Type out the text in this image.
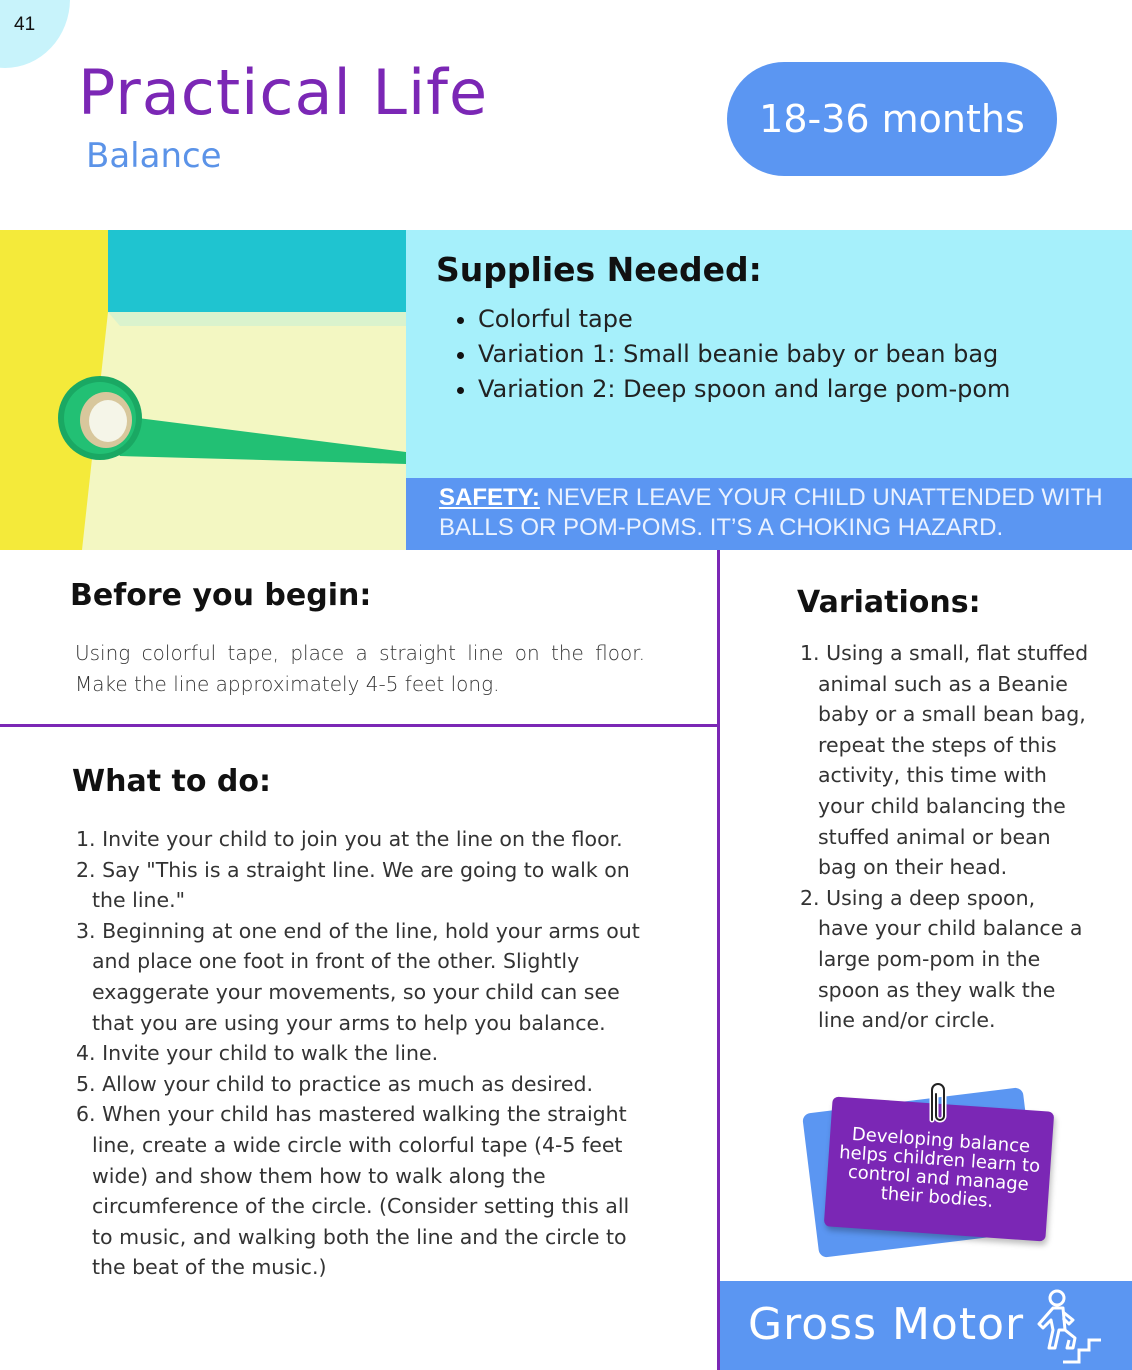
41
Practical Life
Balance
18-36 months
Supplies Needed:
• Colorful tape
• Variation 1: Small beanie baby or bean bag
• Variation 2: Deep spoon and large pom-pom
SAFETY: NEVER LEAVE YOUR CHILD UNATTENDED WITH BALLS OR POM-POMS. IT’S A CHOKING HAZARD.
Before you begin:

Using colorful tape, place a straight line on the floor. Make the line approximately 4-5 feet long.

What to do:
1. Invite your child to join you at the line on the floor.
2. Say "This is a straight line. We are going to walk on the line."
3. Beginning at one end of the line, hold your arms out and place one foot in front of the other. Slightly exaggerate your movements, so your child can see that you are using your arms to help you balance.
4. Invite your child to walk the line.
5. Allow your child to practice as much as desired.
6. When your child has mastered walking the straight line, create a wide circle with colorful tape (4-5 feet wide) and show them how to walk along the circumference of the circle. (Consider setting this all to music, and walking both the line and the circle to the beat of the music.)
Variations:
1. Using a small, flat stuffed animal such as a Beanie baby or a small bean bag, repeat the steps of this activity, this time with your child balancing the stuffed animal or bean bag on their head.
2. Using a deep spoon, have your child balance a large pom-pom in the spoon as they walk the line and/or circle.
Developing balance helps children learn to control and manage their bodies.
Gross Motor
